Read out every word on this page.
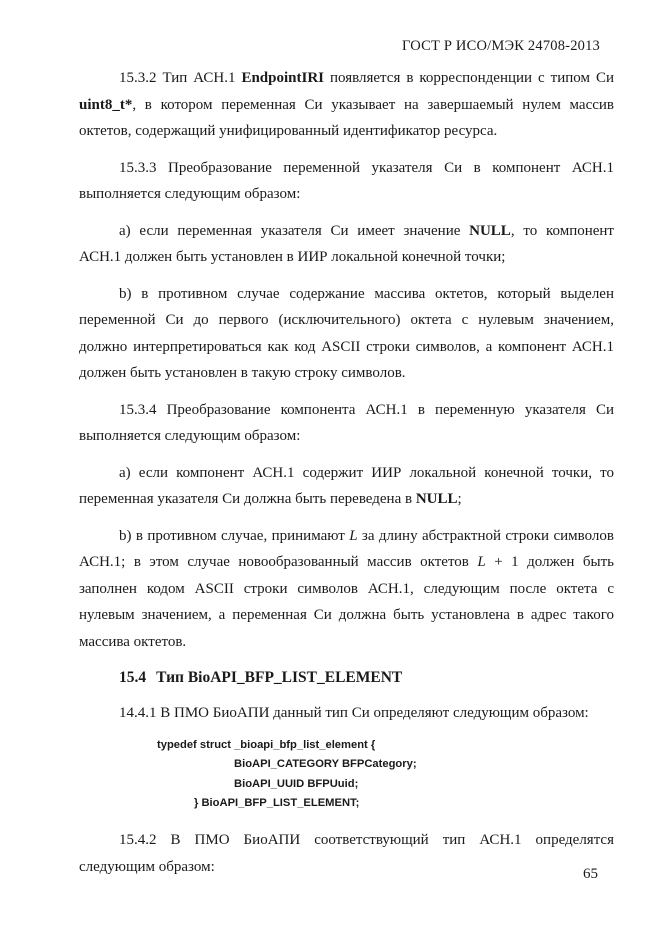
ГОСТ Р ИСО/МЭК 24708-2013

15.3.2 Тип АСН.1 EndpointIRI появляется в корреспонденции с типом Си uint8_t*, в котором переменная Си указывает на завершаемый нулем массив октетов, содержащий унифицированный идентификатор ресурса.

15.3.3 Преобразование переменной указателя Си в компонент АСН.1 выполняется следующим образом:

а) если переменная указателя Си имеет значение NULL, то компонент АСН.1 должен быть установлен в ИИР локальной конечной точки;

b) в противном случае содержание массива октетов, который выделен переменной Си до первого (исключительного) октета с нулевым значением, должно интерпретироваться как код ASCII строки символов, а компонент АСН.1 должен быть установлен в такую строку символов.

15.3.4 Преобразование компонента АСН.1 в переменную указателя Си выполняется следующим образом:

а) если компонент АСН.1 содержит ИИР локальной конечной точки, то переменная указателя Си должна быть переведена в NULL;

b) в противном случае, принимают L за длину абстрактной строки символов АСН.1; в этом случае новообразованный массив октетов L + 1 должен быть заполнен кодом ASCII строки символов АСН.1, следующим после октета с нулевым значением, а переменная Си должна быть установлена в адрес такого массива октетов.

15.4 Тип BioAPI_BFP_LIST_ELEMENT

14.4.1 В ПМО БиоАПИ данный тип Си определяют следующим образом:

typedef struct _bioapi_bfp_list_element {
BioAPI_CATEGORY BFPCategory;
BioAPI_UUID BFPUuid;
} BioAPI_BFP_LIST_ELEMENT;

15.4.2 В ПМО БиоАПИ соответствующий тип АСН.1 определятся следующим образом:	65
